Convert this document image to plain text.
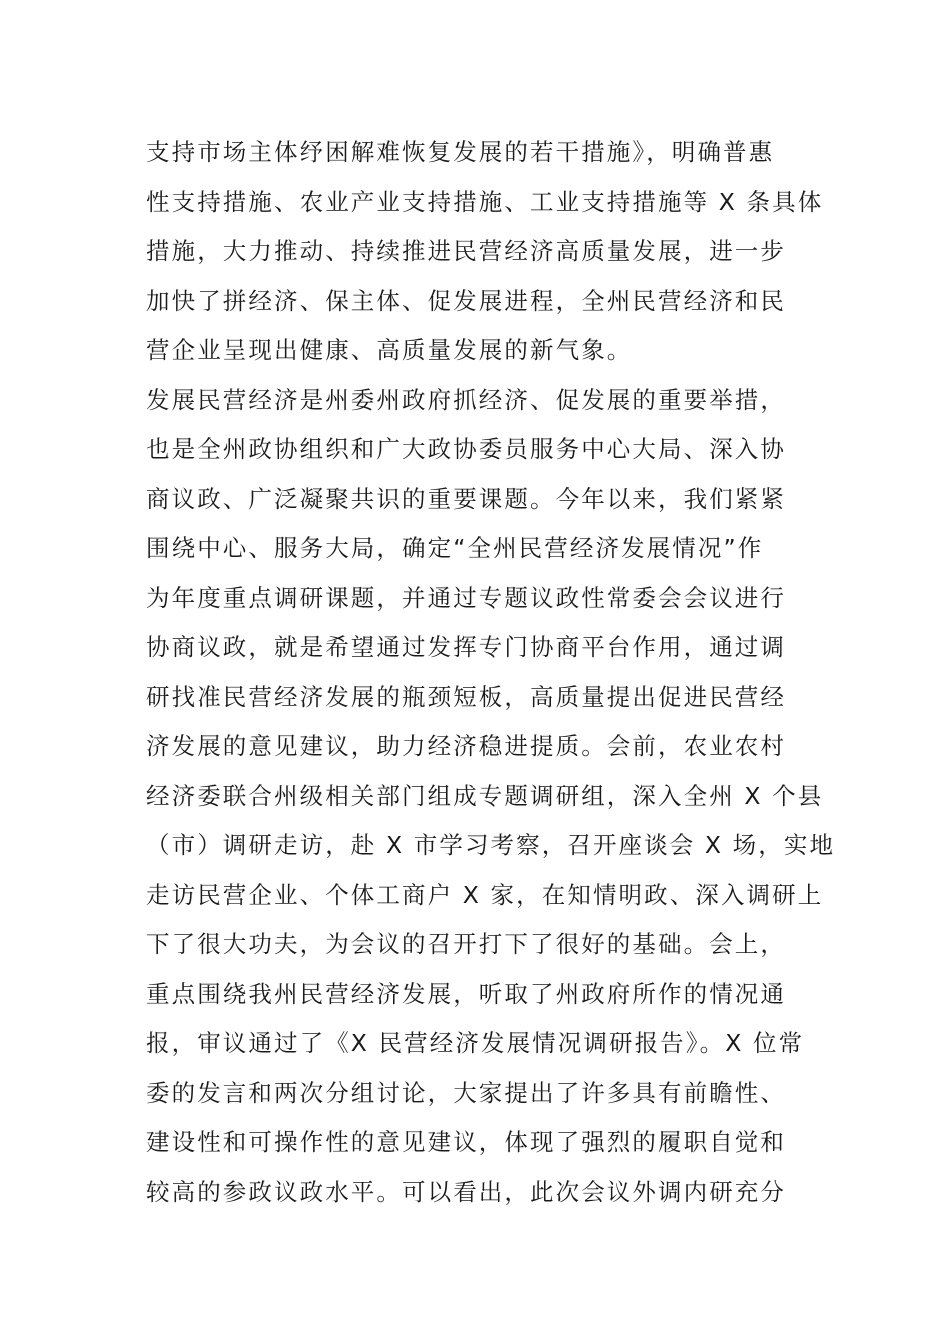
支持市场主体纾困解难恢复发展的若干措施》，明确普惠
性支持措施、农业产业支持措施、工业支持措施等 X 条具体
措施，大力推动、持续推进民营经济高质量发展，进一步
加快了拼经济、保主体、促发展进程，全州民营经济和民
营企业呈现出健康、高质量发展的新气象。
发展民营经济是州委州政府抓经济、促发展的重要举措，
也是全州政协组织和广大政协委员服务中心大局、深入协
商议政、广泛凝聚共识的重要课题。今年以来，我们紧紧
围绕中心、服务大局，确定“全州民营经济发展情况”作
为年度重点调研课题，并通过专题议政性常委会会议进行
协商议政，就是希望通过发挥专门协商平台作用，通过调
研找准民营经济发展的瓶颈短板，高质量提出促进民营经
济发展的意见建议，助力经济稳进提质。会前，农业农村
经济委联合州级相关部门组成专题调研组，深入全州 X 个县
（市）调研走访，赴 X 市学习考察，召开座谈会 X 场，实地
走访民营企业、个体工商户 X 家，在知情明政、深入调研上
下了很大功夫，为会议的召开打下了很好的基础。会上，
重点围绕我州民营经济发展，听取了州政府所作的情况通
报，审议通过了《X 民营经济发展情况调研报告》。X 位常
委的发言和两次分组讨论，大家提出了许多具有前瞻性、
建设性和可操作性的意见建议，体现了强烈的履职自觉和
较高的参政议政水平。可以看出，此次会议外调内研充分
